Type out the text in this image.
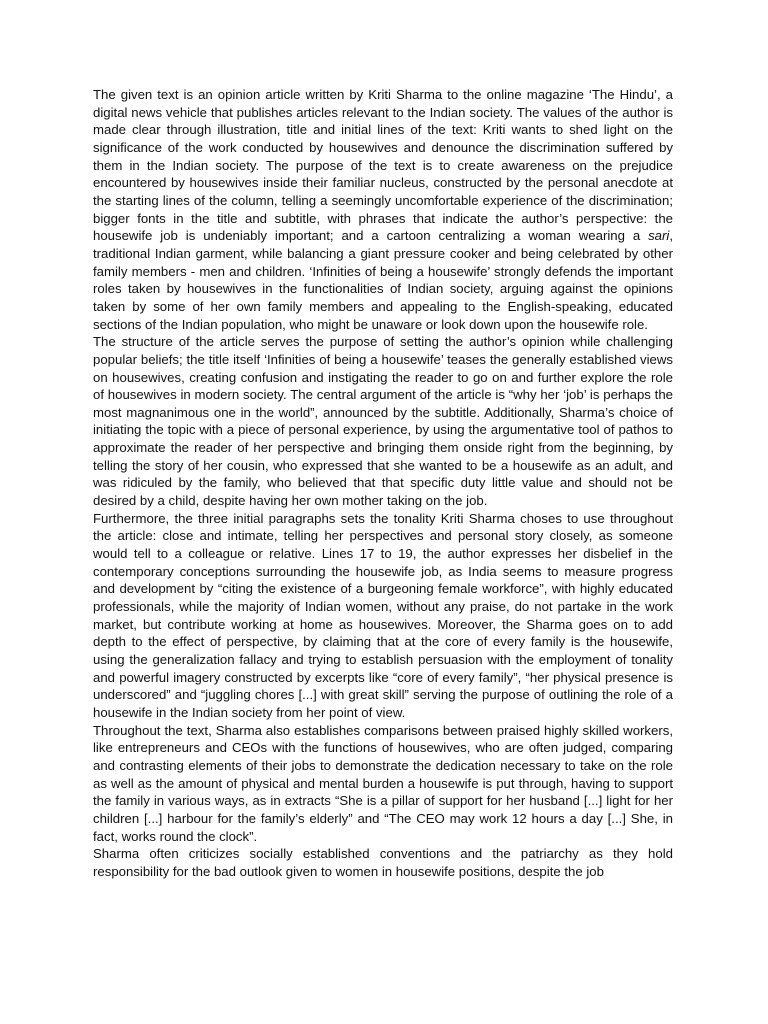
The given text is an opinion article written by Kriti Sharma to the online magazine ‘The Hindu’, a digital news vehicle that publishes articles relevant to the Indian society. The values of the author is made clear through illustration, title and initial lines of the text: Kriti wants to shed light on the significance of the work conducted by housewives and denounce the discrimination suffered by them in the Indian society. The purpose of the text is to create awareness on the prejudice encountered by housewives inside their familiar nucleus, constructed by the personal anecdote at the starting lines of the column, telling a seemingly uncomfortable experience of the discrimination; bigger fonts in the title and subtitle, with phrases that indicate the author’s perspective: the housewife job is undeniably important; and a cartoon centralizing a woman wearing a sari, traditional Indian garment, while balancing a giant pressure cooker and being celebrated by other family members - men and children. ‘Infinities of being a housewife’ strongly defends the important roles taken by housewives in the functionalities of Indian society, arguing against the opinions taken by some of her own family members and appealing to the English-speaking, educated sections of the Indian population, who might be unaware or look down upon the housewife role.

The structure of the article serves the purpose of setting the author’s opinion while challenging popular beliefs; the title itself ‘Infinities of being a housewife’ teases the generally established views on housewives, creating confusion and instigating the reader to go on and further explore the role of housewives in modern society. The central argument of the article is “why her ‘job’ is perhaps the most magnanimous one in the world”, announced by the subtitle. Additionally, Sharma’s choice of initiating the topic with a piece of personal experience, by using the argumentative tool of pathos to approximate the reader of her perspective and bringing them onside right from the beginning, by telling the story of her cousin, who expressed that she wanted to be a housewife as an adult, and was ridiculed by the family, who believed that that specific duty little value and should not be desired by a child, despite having her own mother taking on the job.

Furthermore, the three initial paragraphs sets the tonality Kriti Sharma choses to use throughout the article: close and intimate, telling her perspectives and personal story closely, as someone would tell to a colleague or relative. Lines 17 to 19, the author expresses her disbelief in the contemporary conceptions surrounding the housewife job, as India seems to measure progress and development by “citing the existence of a burgeoning female workforce”, with highly educated professionals, while the majority of Indian women, without any praise, do not partake in the work market, but contribute working at home as housewives. Moreover, the Sharma goes on to add depth to the effect of perspective, by claiming that at the core of every family is the housewife, using the generalization fallacy and trying to establish persuasion with the employment of tonality and powerful imagery constructed by excerpts like “core of every family”, “her physical presence is underscored” and “juggling chores [...] with great skill” serving the purpose of outlining the role of a housewife in the Indian society from her point of view.

Throughout the text, Sharma also establishes comparisons between praised highly skilled workers, like entrepreneurs and CEOs with the functions of housewives, who are often judged, comparing and contrasting elements of their jobs to demonstrate the dedication necessary to take on the role as well as the amount of physical and mental burden a housewife is put through, having to support the family in various ways, as in extracts “She is a pillar of support for her husband [...] light for her children [...] harbour for the family’s elderly” and “The CEO may work 12 hours a day [...] She, in fact, works round the clock”.

Sharma often criticizes socially established conventions and the patriarchy as they hold responsibility for the bad outlook given to women in housewife positions, despite the job
